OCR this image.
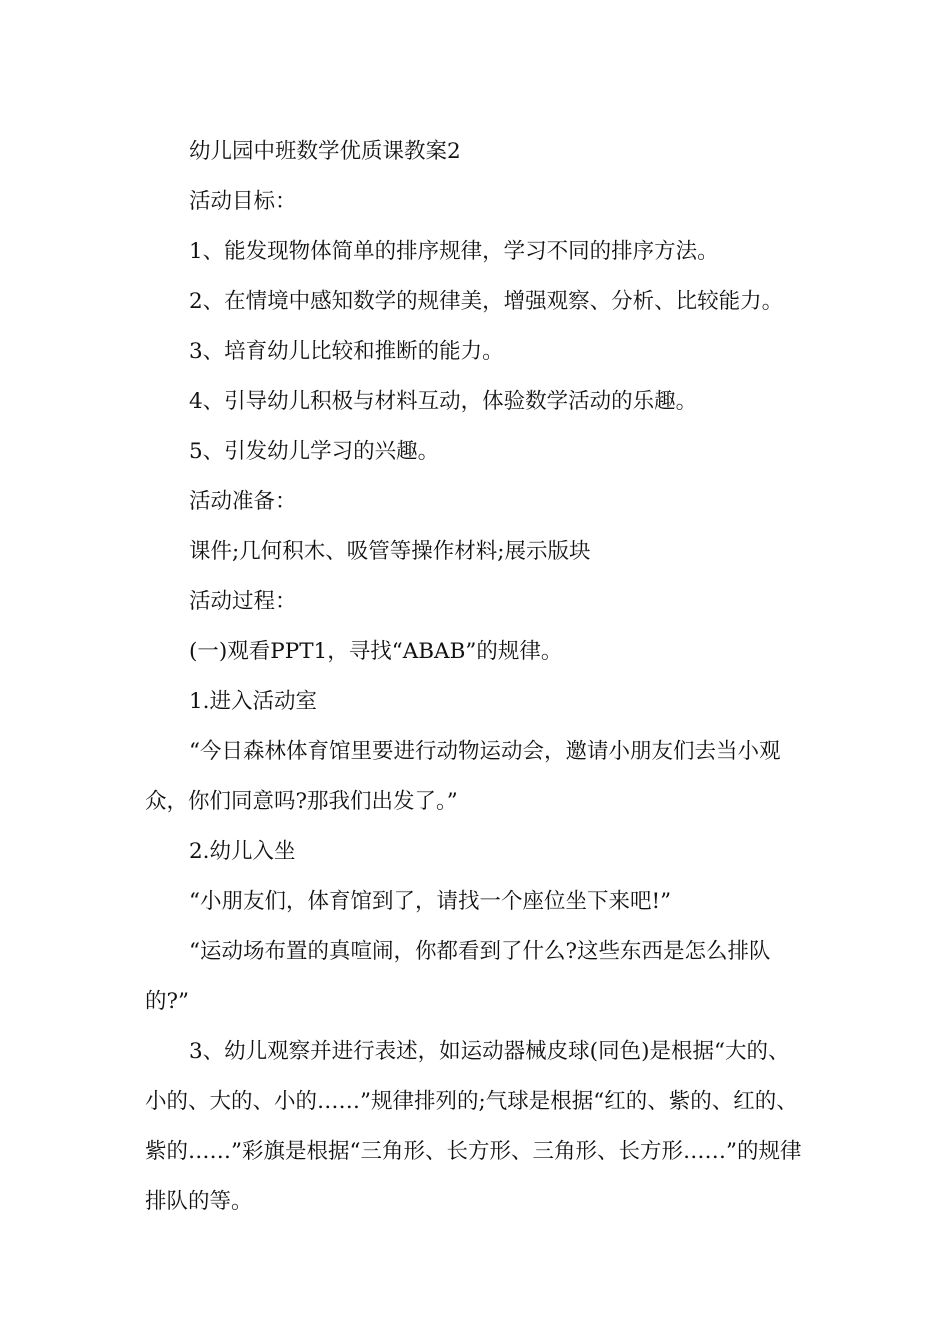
幼儿园中班数学优质课教案2

活动目标：

1、能发现物体简单的排序规律，学习不同的排序方法。

2、在情境中感知数学的规律美，增强观察、分析、比较能力。

3、培育幼儿比较和推断的能力。

4、引导幼儿积极与材料互动，体验数学活动的乐趣。

5、引发幼儿学习的兴趣。

活动准备：

课件;几何积木、吸管等操作材料;展示版块

活动过程：

(一)观看PPT1，寻找“ABAB”的规律。

1.进入活动室

“今日森林体育馆里要进行动物运动会，邀请小朋友们去当小观众，你们同意吗?那我们出发了。”

2.幼儿入坐

“小朋友们，体育馆到了，请找一个座位坐下来吧!”

“运动场布置的真喧闹，你都看到了什么?这些东西是怎么排队的?”

3、幼儿观察并进行表述，如运动器械皮球(同色)是根据“大的、小的、大的、小的……”规律排列的;气球是根据“红的、紫的、红的、紫的……”彩旗是根据“三角形、长方形、三角形、长方形……”的规律排队的等。
